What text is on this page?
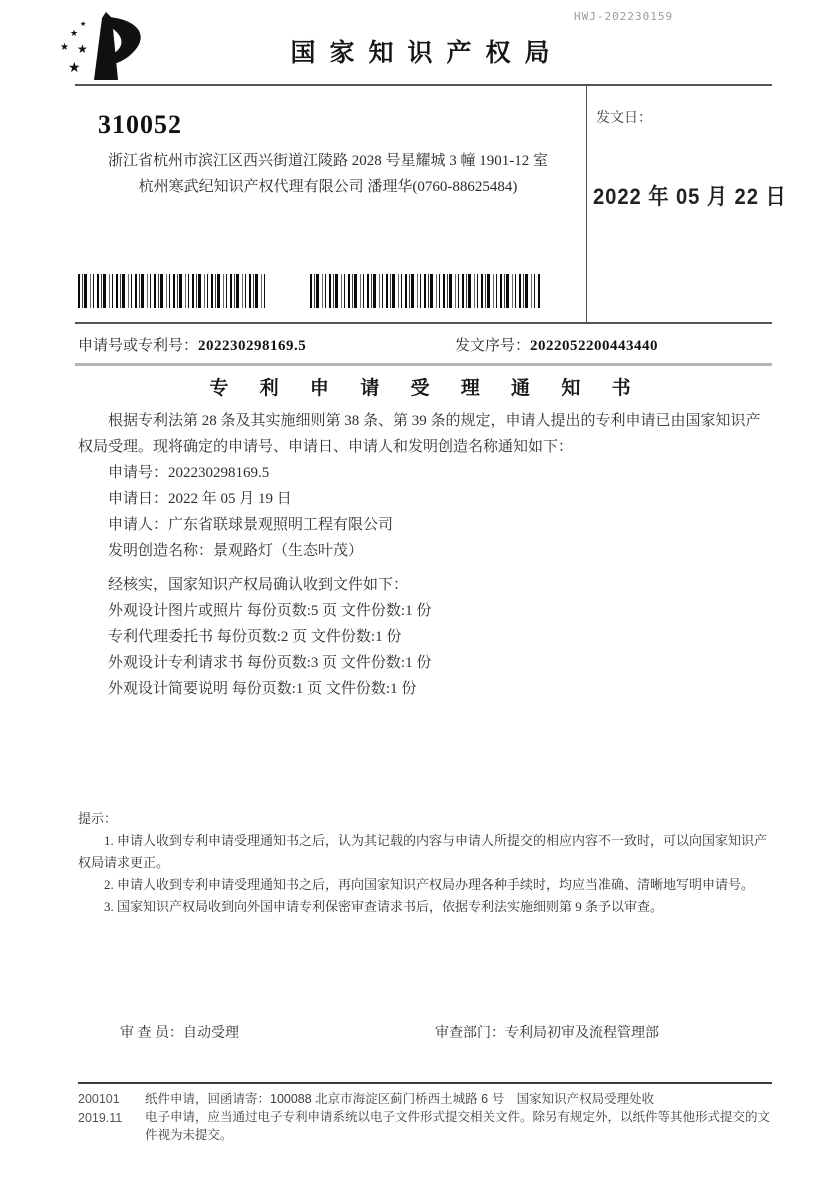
HWJ-202230159
★
★
★ ★
★
国家知识产权局
310052
浙江省杭州市滨江区西兴街道江陵路 2028 号星耀城 3 幢 1901-12 室
杭州寒武纪知识产权代理有限公司 潘理华(0760-88625484)
发文日：
2022 年 05 月 22 日
申请号或专利号：202230298169.5	发文序号：2022052200443440
专 利 申 请 受 理 通 知 书

根据专利法第 28 条及其实施细则第 38 条、第 39 条的规定，申请人提出的专利申请已由国家知识产权局受理。现将确定的申请号、申请日、申请人和发明创造名称通知如下：

申请号：202230298169.5

申请日：2022 年 05 月 19 日

申请人：广东省联球景观照明工程有限公司

发明创造名称：景观路灯（生态叶茂）

经核实，国家知识产权局确认收到文件如下：

外观设计图片或照片 每份页数:5 页 文件份数:1 份

专利代理委托书 每份页数:2 页 文件份数:1 份

外观设计专利请求书 每份页数:3 页 文件份数:1 份

外观设计简要说明 每份页数:1 页 文件份数:1 份

提示：

1. 申请人收到专利申请受理通知书之后，认为其记载的内容与申请人所提交的相应内容不一致时，可以向国家知识产权局请求更正。

2. 申请人收到专利申请受理通知书之后，再向国家知识产权局办理各种手续时，均应当准确、清晰地写明申请号。

3. 国家知识产权局收到向外国申请专利保密审查请求书后，依据专利法实施细则第 9 条予以审查。

审 查 员：自动受理	审查部门：专利局初审及流程管理部
200101
2019.11
纸件申请，回函请寄：100088 北京市海淀区蓟门桥西土城路 6 号　国家知识产权局受理处收
电子申请，应当通过电子专利申请系统以电子文件形式提交相关文件。除另有规定外，以纸件等其他形式提交的文件视为未提交。
